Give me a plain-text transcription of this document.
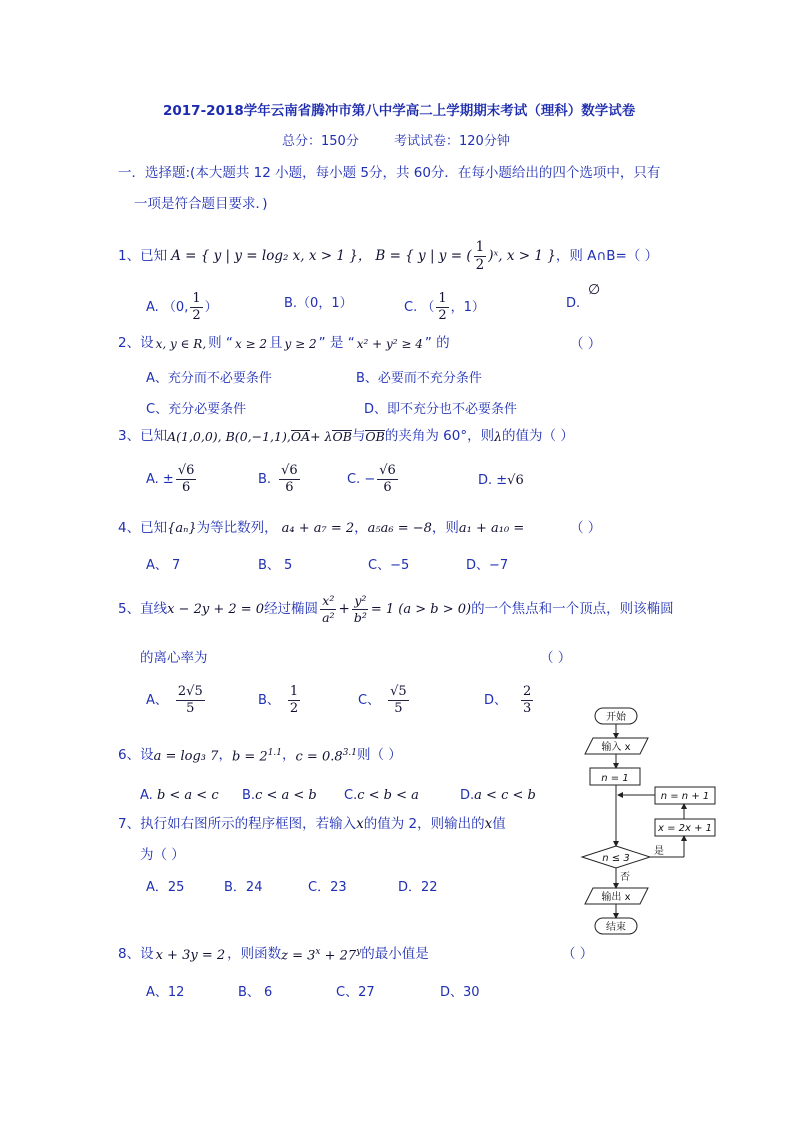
2017-2018学年云南省腾冲市第八中学高二上学期期末考试（理科）数学试卷
总分：150分	考试试卷：120分钟
一．选择题:(本大题共 12 小题，每小题 5分，共 60分．在每小题给出的四个选项中，只有
一项是符合题目要求．)
1、已知 A = { y | y = log₂ x, x > 1 }， B = { y | y = ( $\frac{1}{2}$ )ˣ, x > 1 } ，则 A∩B=（ ）
A. （0, $\frac{1}{2}$ ）	B.（0，1）	C. （ $\frac{1}{2}$ ，1）	D.
∅
2、设 x, y ∈ R, 则 “ x ≥ 2 且 y ≥ 2 ” 是 “ x² + y² ≥ 4 ” 的	（ ）
A、充分而不必要条件	B、必要而不充分条件
C、充分必要条件	D、即不充分也不必要条件
3、已知 A(1,0,0), B(0,−1,1), OA + λ OB 与 OB 的夹角为 60°，则 λ 的值为（ ）
A. ± $\frac{√6}{6}$	B. $\frac{√6}{6}$	C. − $\frac{√6}{6}$	D. ± √6
4、已知 {aₙ} 为等比数列， a₄ + a₇ = 2 ， a₅a₆ = −8 ，则 a₁ + a₁₀ =	（ ）
A、 7	B、 5	C、−5	D、−7
5、直线 x − 2y + 2 = 0 经过椭圆 $\frac{\text{x²}}{\text{a²}} + \frac{\text{y²}}{\text{b²}} = 1$ (a > b > 0) 的一个焦点和一个顶点，则该椭圆
的离心率为	（ ）
A、 $\frac{2√5}{5}$	B、 $\frac{1}{2}$	C、 $\frac{√5}{5}$	D、 $\frac{2}{3}$
6、设 a = log₃ 7 ， $b = 2^{1.1}$ ， $c = 0.8^{3.1}$ 则（ ）
A. b < a < c B.c < a < b C.c < b < a	D.a < c < b
7、执行如右图所示的程序框图，若输入x的值为 2，则输出的x值
为（ ）
A．25	B．24	C．23	D．22
开始
输入 x
n = 1
n = n + 1
x = 2x + 1
n ≤ 3
是
否
输出 x
结束
8、设 x + 3y = 2 ，则函数 $z = 3^x + 27^y$ 的最小值是	（ ）
A、12	B、 6	C、27	D、30
